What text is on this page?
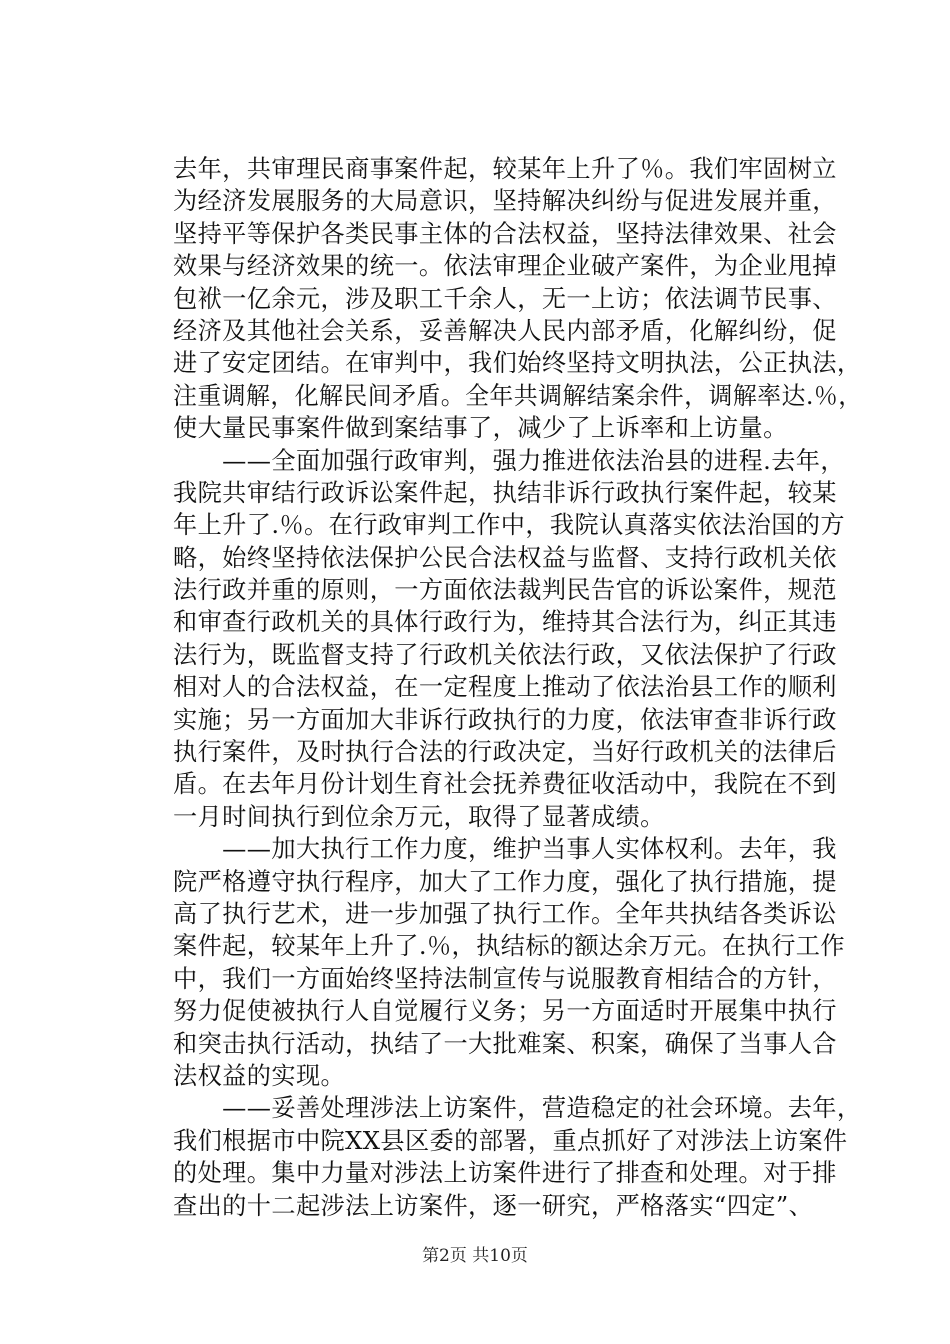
去年，共审理民商事案件起，较某年上升了％。我们牢固树立
为经济发展服务的大局意识，坚持解决纠纷与促进发展并重，
坚持平等保护各类民事主体的合法权益，坚持法律效果、社会
效果与经济效果的统一。依法审理企业破产案件，为企业甩掉
包袱一亿余元，涉及职工千余人，无一上访；依法调节民事、
经济及其他社会关系，妥善解决人民内部矛盾，化解纠纷，促
进了安定团结。在审判中，我们始终坚持文明执法，公正执法，
注重调解，化解民间矛盾。全年共调解结案余件，调解率达.％，
使大量民事案件做到案结事了，减少了上诉率和上访量。
　　——全面加强行政审判，强力推进依法治县的进程.去年，
我院共审结行政诉讼案件起，执结非诉行政执行案件起，较某
年上升了.％。在行政审判工作中，我院认真落实依法治国的方
略，始终坚持依法保护公民合法权益与监督、支持行政机关依
法行政并重的原则，一方面依法裁判民告官的诉讼案件，规范
和审查行政机关的具体行政行为，维持其合法行为，纠正其违
法行为，既监督支持了行政机关依法行政，又依法保护了行政
相对人的合法权益，在一定程度上推动了依法治县工作的顺利
实施；另一方面加大非诉行政执行的力度，依法审查非诉行政
执行案件，及时执行合法的行政决定，当好行政机关的法律后
盾。在去年月份计划生育社会抚养费征收活动中，我院在不到
一月时间执行到位余万元，取得了显著成绩。
　　——加大执行工作力度，维护当事人实体权利。去年，我
院严格遵守执行程序，加大了工作力度，强化了执行措施，提
高了执行艺术，进一步加强了执行工作。全年共执结各类诉讼
案件起，较某年上升了.％，执结标的额达余万元。在执行工作
中，我们一方面始终坚持法制宣传与说服教育相结合的方针，
努力促使被执行人自觉履行义务；另一方面适时开展集中执行
和突击执行活动，执结了一大批难案、积案，确保了当事人合
法权益的实现。
　　——妥善处理涉法上访案件，营造稳定的社会环境。去年，
我们根据市中院XX县区委的部署，重点抓好了对涉法上访案件
的处理。集中力量对涉法上访案件进行了排查和处理。对于排
查出的十二起涉法上访案件，逐一研究，严格落实“四定”、
第2页 共10页
